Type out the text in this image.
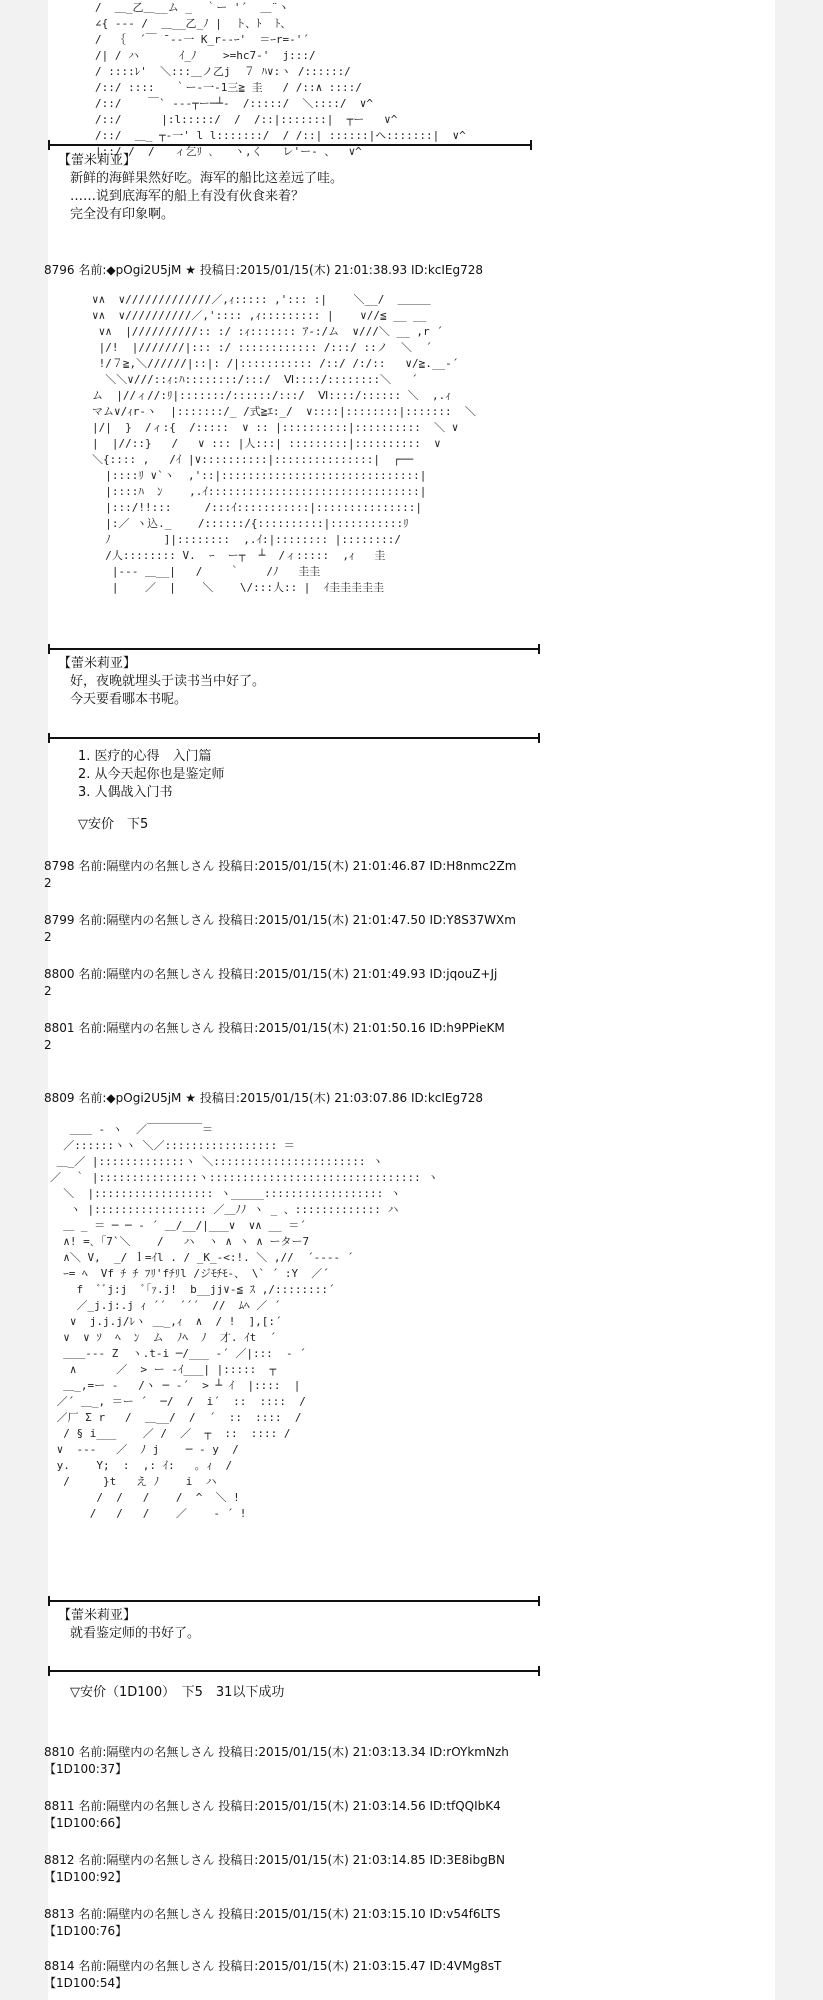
/  ＿_乙＿__ム _  ｀ー '´  ＿¨ヽ
∠{ ‐-‐ /  ＿__乙_ﾉ |  ト、ﾄ  ﾄ、
/  ｛  ´￣ ̄ ‐-一 K_r‐-ｰ'  ＝ｰr=‐'´
/| / ハ      ｲ_ﾉ    >=hc7‐'  j:::/
/ ::::ﾚ'  ＼:::＿ノ乙j  ７ ﾊ∨:ヽ /::::::/
/::/ ::::   ｀ー-一‐1三≧ 圭   / /::∧ ::::/
/::/    ￣` ‐--┬ー─┴‐  /:::::/  ＼::::/  ∨^
/::/      |:l:::::/  /  /::|:::::::|  ┬ー   ∨^
/::/  ＿_ ┬‐一' l l:::::::/  / /::| ::::::|ヘ:::::::|  ∨^
|::/ /  /   ィ乞ﾘ ､   ヽ,く   レ'ー‐ 、  ∨^
【蕾米莉亚】
新鲜的海鲜果然好吃。海军的船比这差远了哇。
……说到底海军的船上有没有伙食来着？
完全没有印象啊。
8796 名前:◆pOgi2U5jM ★ 投稿日:2015/01/15(木) 21:01:38.93 ID:kcIEg728
∨∧  ∨/////////////／,ｨ::::: ,'::: :|    ＼__/  ＿＿＿
∨∧  ∨//////////／,':::: ,ｨ::::::::: |    ∨//≦ __ __
∨∧  |//////////:: :/ :ｨ::::::: ｱ‐:/ム  ∨///＼ __ ,r ´
|/!  |///////|::: :/ :::::::::::: /:::/ ::ノ  ＼  ´
!/７≧,＼//////|::|: /|::::::::::: /::/ /:/::   ∨/≧.__-´
＼＼∨///::ｨ:ﾊ::::::::/:::/  Ⅵ::::/::::::::＼   ´
ム  |//ィ//:ﾘ|:::::::/::::::/:::/  Ⅵ::::/:::::: ＼  ,.ｨ
マム∨/ｨr‐ヽ  |:::::::/_ /式≧ｴ:_/  ∨::::|::::::::|:::::::  ＼
|/|  }  /ィ:{  /:::::  ∨ :: |::::::::::|::::::::::  ＼ ∨
|  |//::}   /   ∨ ::: |人:::| :::::::::|::::::::::  ∨
＼{:::: ,   /ｲ |∨::::::::::|:::::::::::::::|  ┌──
|::::ﾘ ∨`ヽ  ,'::|::::::::::::::::::::::::::::::|
|::::ﾊ  ﾝ    ,.ｲ::::::::::::::::::::::::::::::::|
|:::/!!:::     /:::ｲ:::::::::::|:::::::::::::::|
|:／ ヽ込._    /::::::/{::::::::::|:::::::::::ﾘ
ﾉ        ]|::::::::  ,.ｲ:|:::::::: |::::::::/
/人:::::::: V.  ｰ  ー┬  ┴  /ィ:::::  ,ｨ   圭
|‐‐‐ ＿__|   /    ｀    /ﾉ   圭圭
|    ／  |    ＼    \/:::人:: |  ｲ圭圭圭圭圭
【蕾米莉亚】
好，夜晚就埋头于读书当中好了。
今天要看哪本书呢。
1. 医疗的心得　入门篇
2. 从今天起你也是鉴定师
3. 人偶战入门书
▽安价　下5
8798 名前:隔壁内の名無しさん 投稿日:2015/01/15(木) 21:01:46.87 ID:H8nmc2Zm
2
8799 名前:隔壁内の名無しさん 投稿日:2015/01/15(木) 21:01:47.50 ID:Y8S37WXm
2
8800 名前:隔壁内の名無しさん 投稿日:2015/01/15(木) 21:01:49.93 ID:jqouZ+Jj
2
8801 名前:隔壁内の名無しさん 投稿日:2015/01/15(木) 21:01:50.16 ID:h9PPieKM
2
8809 名前:◆pOgi2U5jM ★ 投稿日:2015/01/15(木) 21:03:07.86 ID:kcIEg728
＿＿ ‐ ヽ  ／￣￣￣￣￣＝
／::::::ヽヽ ＼／::::::::::::::::: ＝
＿_／ |:::::::::::::ヽ ＼::::::::::::::::::::::: ヽ
／  ｀ |:::::::::::::::ヽ:::::::::::::::::::::::::::::::: ヽ
＼  |:::::::::::::::::: ヽ_____:::::::::::::::::: ヽ
ヽ |::::::::::::::::: ／＿ﾉﾉ ヽ _ 、::::::::::::: ハ
＿ _ ＝ ─ ─ ‐ ´ ＿/__/|___∨  ∨∧ __ ＝´
∧! =､「7`＼    /   ハ  ヽ ∧ ヽ ∧ ーター7
∧＼ V,  _/ ｌ=ｲl . / _K_-<:!. ＼ ,//  ´‐‐‐‐ ´
ｰ= ﾍ  Vf ﾁ ﾁ ﾌﾘ'fﾁﾘl /ジﾓﾁﾓ-、 \` ´ :Y  ／´
f  ﾞﾞj:j  ﾞ｢ｧ.j!  b__jj∨-≦ ｽ ,/::::::::´
／_j.j:.j ｨ ´´  ´´´  //  ﾑﾍ ／ ´
∨  j.j.j/ﾚヽ ＿_,ｨ  ∧  / !  ],[:´
∨  ∨ ｿ  ﾍ  ﾝ  ム  ﾉﾍ  ﾉ  才. ｲt  ´
＿＿--‐ Z  ヽ.t‐i ─/___ ‐´ ／|:::  ‐ ´
∧      ／  > ー -ｲ___| |:::::  ┬
＿_,=ー ‐   /ヽ ─ ‐´  > ┴ ｲ  |::::  |
／´ ＿_, ＝ー ´  ─/  /  i´  ::  ::::  /
／厂 Σ r   /  ＿__/  /  ´  ::  ::::  /
/ § i___    ／ /  ／  ┬  ::  :::: /
∨  ‐‐‐   ／  ﾉ j    ─ ‐ y  /
y.    Y;  :  ,: ｲ:   ｡ ｨ  /
/     }t   え ﾉ    i  ハ
/  /   /    /  ^  ＼ !
/   /   /    ／    ‐ ´ !
【蕾米莉亚】
就看鉴定师的书好了。
▽安价（1D100）　下5　31以下成功
8810 名前:隔壁内の名無しさん 投稿日:2015/01/15(木) 21:03:13.34 ID:rOYkmNzh
【1D100:37】
8811 名前:隔壁内の名無しさん 投稿日:2015/01/15(木) 21:03:14.56 ID:tfQQIbK4
【1D100:66】
8812 名前:隔壁内の名無しさん 投稿日:2015/01/15(木) 21:03:14.85 ID:3E8ibgBN
【1D100:92】
8813 名前:隔壁内の名無しさん 投稿日:2015/01/15(木) 21:03:15.10 ID:v54f6LTS
【1D100:76】
8814 名前:隔壁内の名無しさん 投稿日:2015/01/15(木) 21:03:15.47 ID:4VMg8sT
【1D100:54】
